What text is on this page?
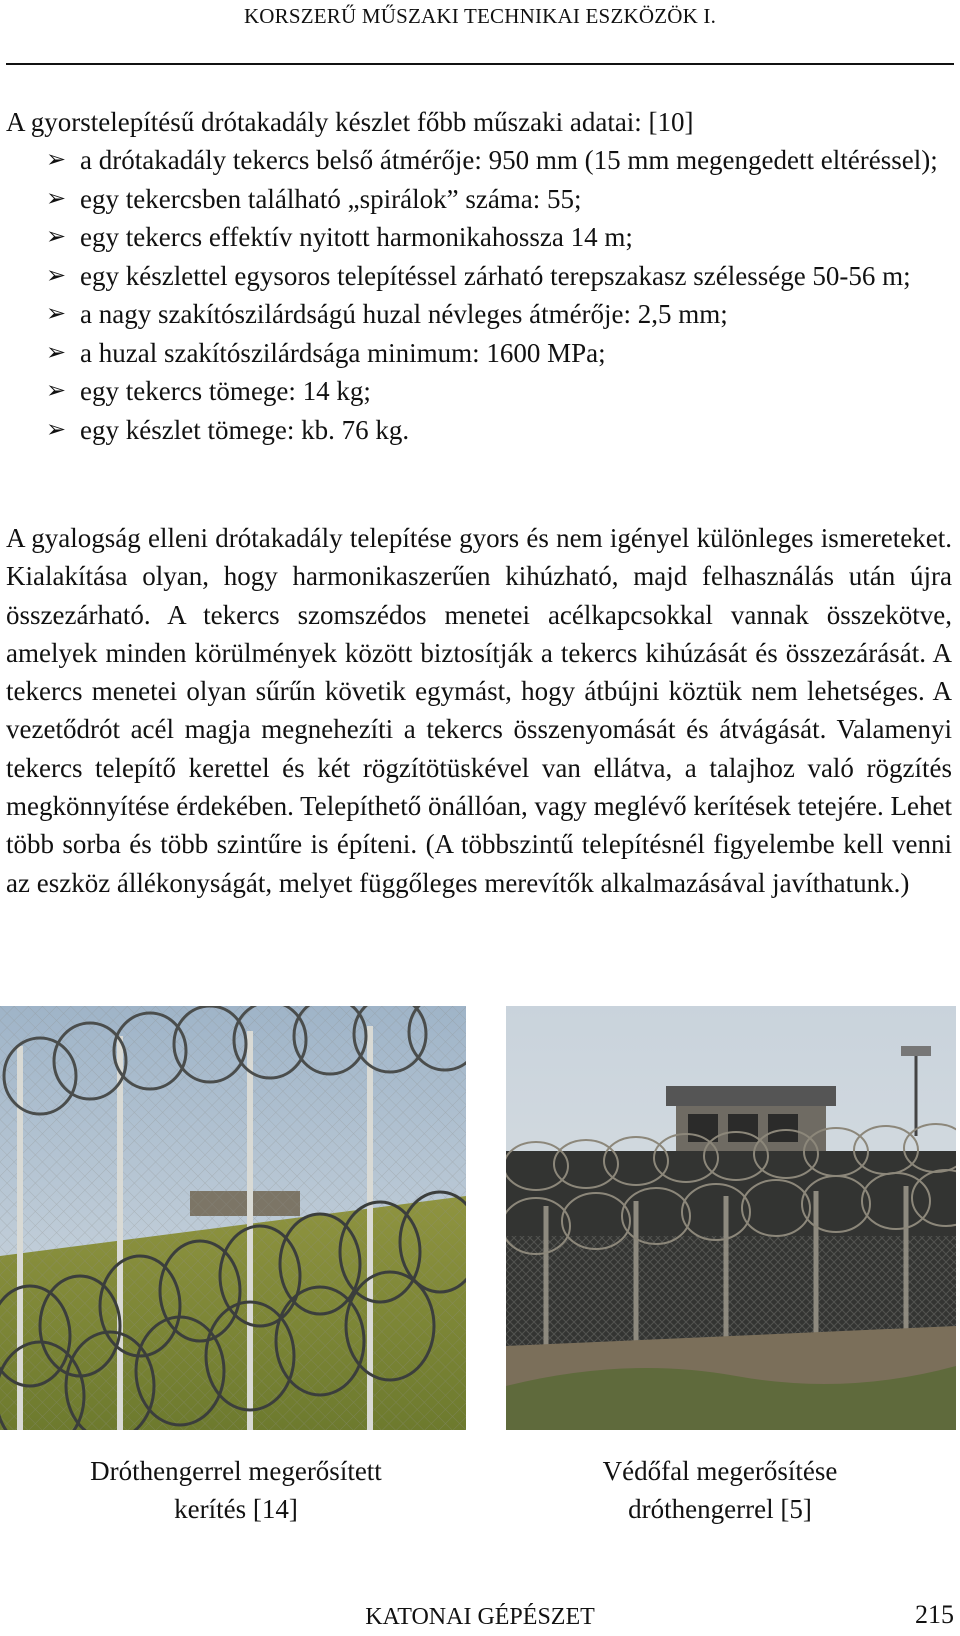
KORSZERŰ MŰSZAKI TECHNIKAI ESZKÖZÖK I.

A gyorstelepítésű drótakadály készlet főbb műszaki adatai: [10]

➢ a drótakadály tekercs belső átmérője: 950 mm (15 mm megengedett eltéréssel);
➢ egy tekercsben található „spirálok” száma: 55;
➢ egy tekercs effektív nyitott harmonikahossza 14 m;
➢ egy készlettel egysoros telepítéssel zárható terepszakasz szélessége 50-56 m;
➢ a nagy szakítószilárdságú huzal névleges átmérője: 2,5 mm;
➢ a huzal szakítószilárdsága minimum: 1600 MPa;
➢ egy tekercs tömege: 14 kg;
➢ egy készlet tömege: kb. 76 kg.

A gyalogság elleni drótakadály telepítése gyors és nem igényel különleges ismereteket. Kialakítása olyan, hogy harmonikaszerűen kihúzható, majd felhasználás után újra összezárható. A tekercs szomszédos menetei acélkapcsokkal vannak összekötve, amelyek minden körülmények között biztosítják a tekercs kihúzását és összezárását. A tekercs menetei olyan sűrűn követik egymást, hogy átbújni köztük nem lehetséges. A vezetődrót acél magja megnehezíti a tekercs összenyomását és átvágását. Valamenyi tekercs telepítő kerettel és két rögzítötüskével van ellátva, a talajhoz való rögzítés megkönnyítése érdekében. Telepíthető önállóan, vagy meglévő kerítések tetejére. Lehet több sorba és több szintűre is építeni. (A többszintű telepítésnél figyelembe kell venni az eszköz állékonyságát, melyet függőleges merevítők alkalmazásával javíthatunk.)

Dróthengerrel megerősített
kerítés [14]
Védőfal megerősítése
dróthengerrel [5]
KATONAI GÉPÉSZET	215
